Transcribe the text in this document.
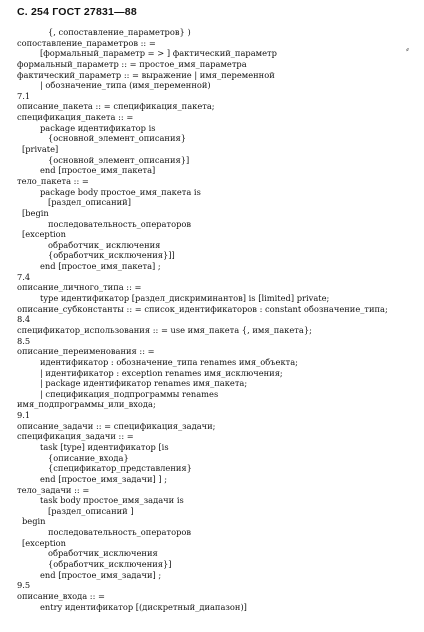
С. 254 ГОСТ 27831—88
⸗
{, сопоставление_параметров} )
сопоставление_параметров :: =
[формальный_параметр = > ] фактический_параметр
формальный_параметр :: = простое_имя_параметра
фактический_параметр :: = выражение | имя_переменной
| обозначение_типа (имя_переменной)
7.1
описание_пакета :: = спецификация_пакета;
спецификация_пакета :: =
package идентификатор is
{основной_элемент_описания}
[private]
{основной_элемент_описания}]
end [простое_имя_пакета]
тело_пакета :: =
package body простое_имя_пакета is
[раздел_описаний]
[begin
последовательность_операторов
[exception
обработчик_ исключения
{обработчик_исключения}]]
end [простое_имя_пакета] ;
7.4
описание_личного_типа :: =
type идентификатор [раздел_дискриминантов] is [limited] private;
описание_субконстанты :: = список_идентификаторов : constant обозначение_типа;
8.4
спецификатор_использования :: = use имя_пакета {, имя_пакета};
8.5
описание_переименования :: =
идентификатор : обозначение_типа renames имя_объекта;
| идентификатор : exception renames имя_исключения;
| package идентификатор renames имя_пакета;
| спецификация_подпрограммы renames
имя_подпрограммы_или_входа;
9.1
описание_задачи :: = спецификация_задачи;
спецификация_задачи :: =
task [type] идентификатор [is
{описание_входа}
{спецификатор_представления}
end [простое_имя_задачи] ] ;
тело_задачи :: =
task body простое_имя_задачи is
[раздел_описаний ]
begin
последовательность_операторов
[exception
обработчик_исключения
{обработчик_исключения}]
end [простое_имя_задачи] ;
9.5
описание_входа :: =
entry идентификатор [(дискретный_диапазон)]
